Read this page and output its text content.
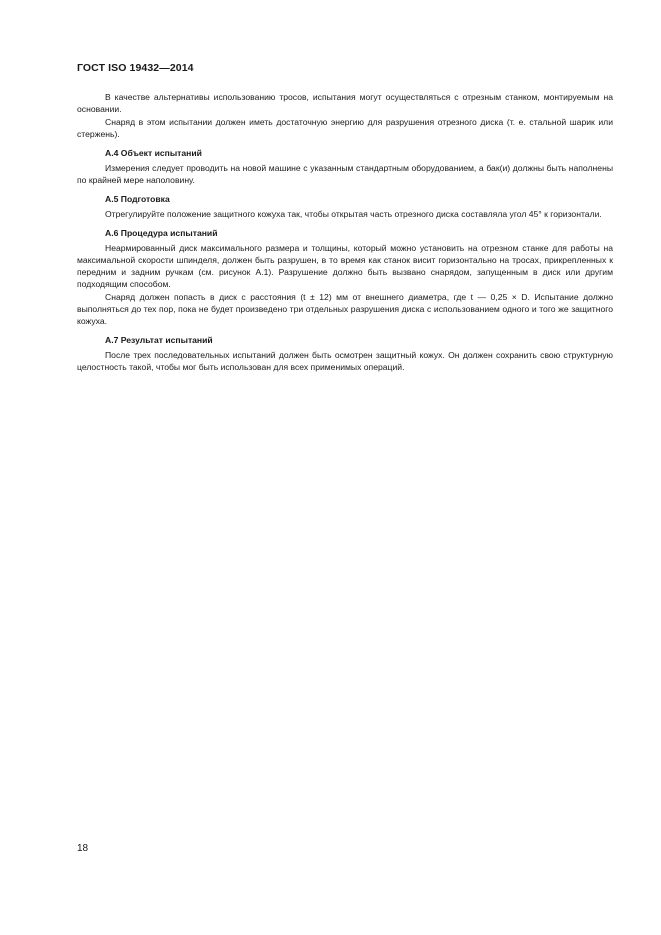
ГОСТ ISO 19432—2014

В качестве альтернативы использованию тросов, испытания могут осуществляться с отрезным станком, монтируемым на основании.

Снаряд в этом испытании должен иметь достаточную энергию для разрушения отрезного диска (т. е. стальной шарик или стержень).

А.4 Объект испытаний

Измерения следует проводить на новой машине с указанным стандартным оборудованием, а бак(и) должны быть наполнены по крайней мере наполовину.

А.5 Подготовка

Отрегулируйте положение защитного кожуха так, чтобы открытая часть отрезного диска составляла угол 45° к горизонтали.

А.6 Процедура испытаний

Неармированный диск максимального размера и толщины, который можно установить на отрезном станке для работы на максимальной скорости шпинделя, должен быть разрушен, в то время как станок висит горизонтально на тросах, прикрепленных к передним и задним ручкам (см. рисунок А.1). Разрушение должно быть вызвано снарядом, запущенным в диск или другим подходящим способом.

Снаряд должен попасть в диск с расстояния (t ± 12) мм от внешнего диаметра, где t — 0,25 × D. Испытание должно выполняться до тех пор, пока не будет произведено три отдельных разрушения диска с использованием одного и того же защитного кожуха.

А.7 Результат испытаний

После трех последовательных испытаний должен быть осмотрен защитный кожух. Он должен сохранить свою структурную целостность такой, чтобы мог быть использован для всех применимых операций.

18
